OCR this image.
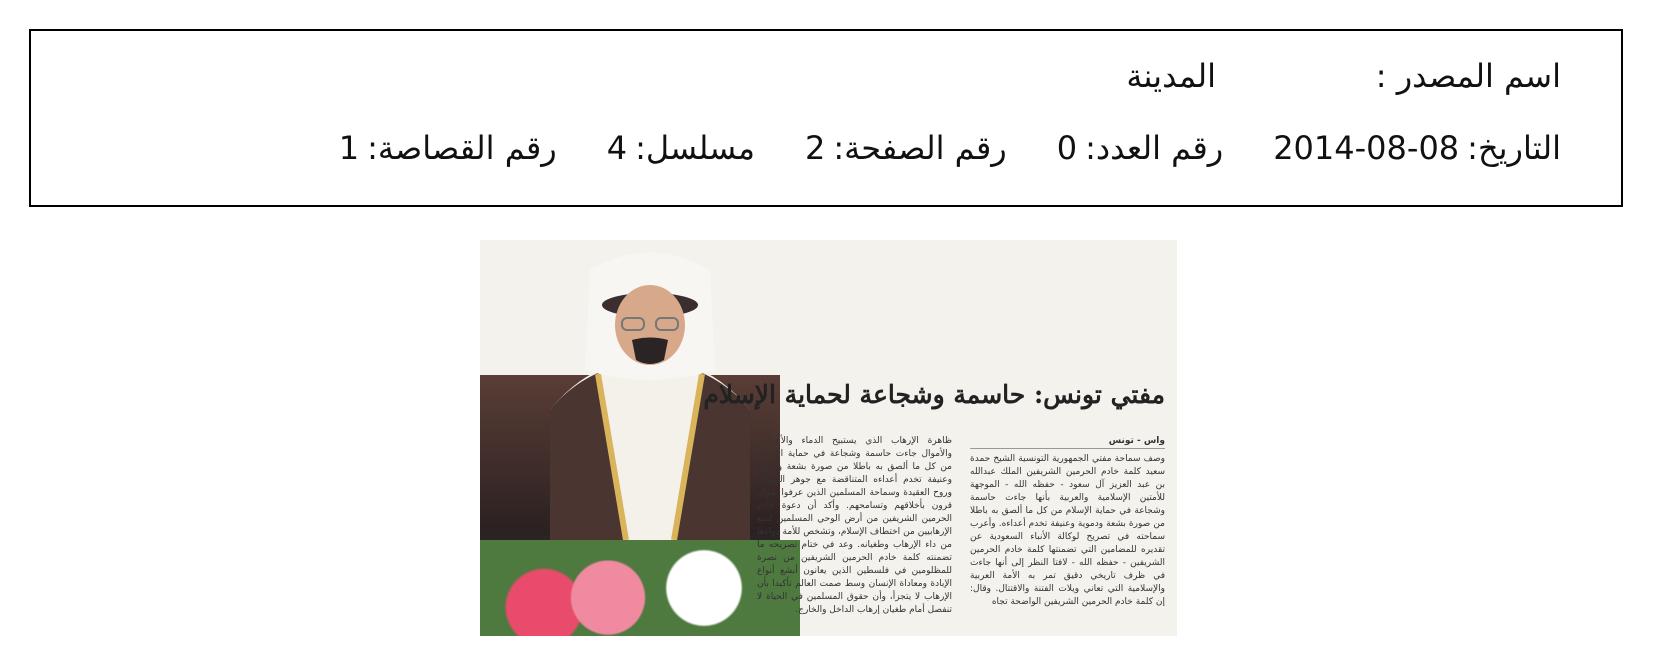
اسم المصدر :
المدينة
التاريخ:
2014-08-08
رقم العدد:
0
رقم الصفحة:
2
مسلسل:
4
رقم القصاصة:
1
مفتي تونس: حاسمة وشجاعة لحماية الإسلام
واس - تونس
وصف سماحة مفتي الجمهورية التونسية الشيخ حمدة سعيد كلمة خادم الحرمين الشريفين الملك عبدالله بن عبد العزيز آل سعود - حفظه الله - الموجهة للأمتين الإسلامية والعربية بأنها جاءت حاسمة وشجاعة في حماية الإسلام من كل ما ألصق به باطلا من صورة بشعة ودموية وعنيفة تخدم أعداءه. وأعرب سماحته في تصريح لوكالة الأنباء السعودية عن تقديره للمضامين التي تضمنتها كلمة خادم الحرمين الشريفين - حفظه الله - لافتا النظر إلى أنها جاءت في ظرف تاريخي دقيق تمر به الأمة العربية والإسلامية التي تعاني ويلات الفتنة والاقتتال. وقال: إن كلمة خادم الحرمين الشريفين الواضحة تجاه
ظاهرة الإرهاب الذي يستبيح الدماء والأعراض والأموال جاءت حاسمة وشجاعة في حماية الإسلام من كل ما ألصق به باطلا من صورة بشعة ودموية وعنيفة تخدم أعداءه المتناقضة مع جوهر الرسالة وروح العقيدة وسماحة المسلمين الذين عرفوا طوال قرون بأخلاقهم وتسامحهم. وأكد أن دعوة خادم الحرمين الشريفين من أرض الوحي المسلمين لمنع الإرهابيين من اختطاف الإسلام، وتشخص للأمة دواءها من داء الإرهاب وطغيانه. وعد في ختام تصريحه ما تضمنته كلمة خادم الحرمين الشريفين من نصرة للمظلومين في فلسطين الذين يعانون أبشع أنواع الإبادة ومعاداة الإنسان وسط صمت العالم تأكيدا بأن الإرهاب لا يتجزأ، وأن حقوق المسلمين في الحياة لا تنفصل أمام طغيان إرهاب الداخل والخارج.
